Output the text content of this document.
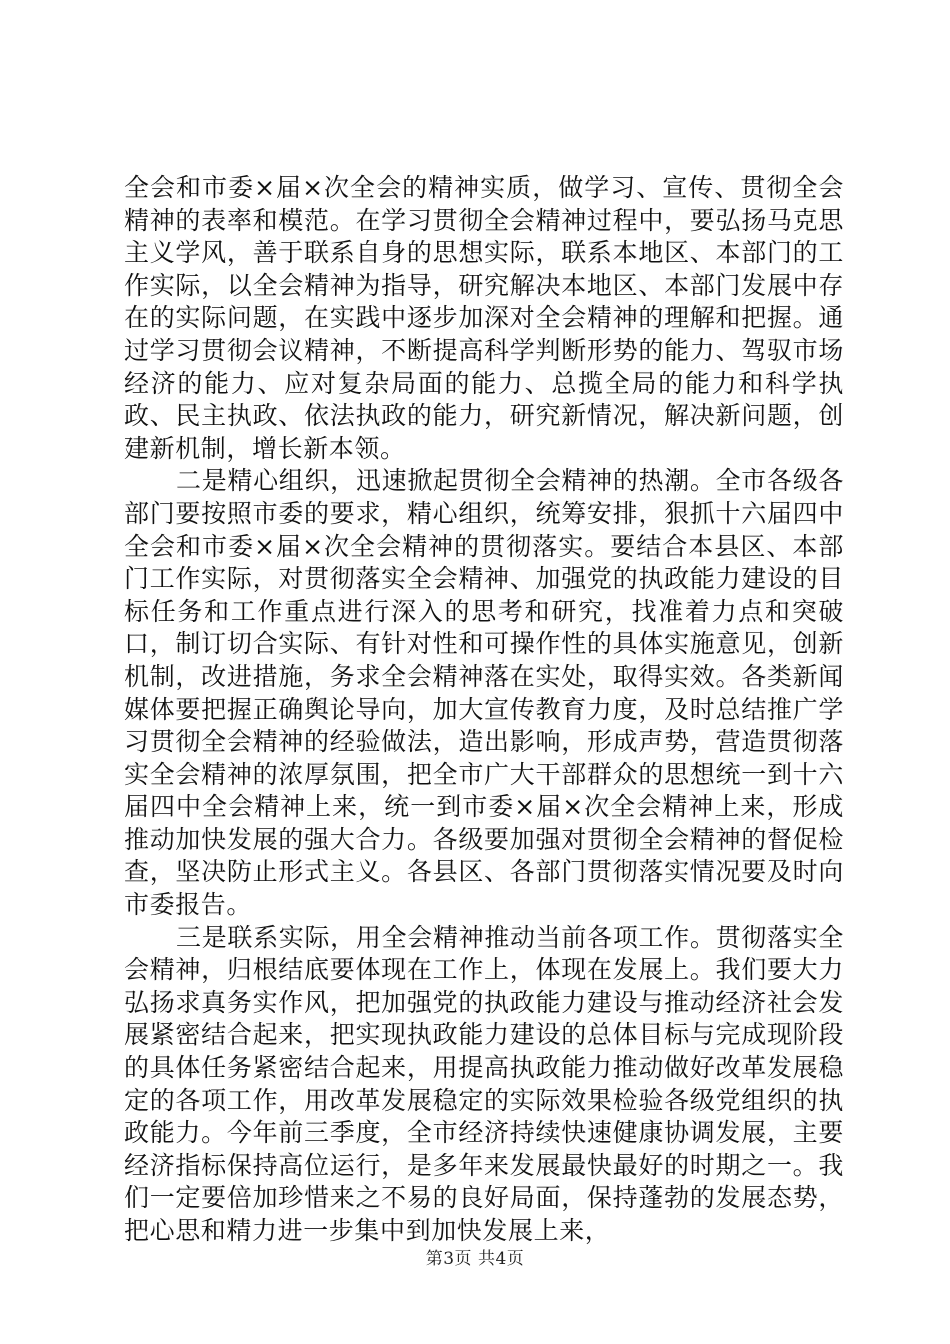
全会和市委×届×次全会的精神实质，做学习、宣传、贯彻全会精神的表率和模范。在学习贯彻全会精神过程中，要弘扬马克思主义学风，善于联系自身的思想实际，联系本地区、本部门的工作实际，以全会精神为指导，研究解决本地区、本部门发展中存在的实际问题，在实践中逐步加深对全会精神的理解和把握。通过学习贯彻会议精神，不断提高科学判断形势的能力、驾驭市场经济的能力、应对复杂局面的能力、总揽全局的能力和科学执政、民主执政、依法执政的能力，研究新情况，解决新问题，创建新机制，增长新本领。

二是精心组织，迅速掀起贯彻全会精神的热潮。全市各级各部门要按照市委的要求，精心组织，统筹安排，狠抓十六届四中全会和市委×届×次全会精神的贯彻落实。要结合本县区、本部门工作实际，对贯彻落实全会精神、加强党的执政能力建设的目标任务和工作重点进行深入的思考和研究，找准着力点和突破口，制订切合实际、有针对性和可操作性的具体实施意见，创新机制，改进措施，务求全会精神落在实处，取得实效。各类新闻媒体要把握正确舆论导向，加大宣传教育力度，及时总结推广学习贯彻全会精神的经验做法，造出影响，形成声势，营造贯彻落实全会精神的浓厚氛围，把全市广大干部群众的思想统一到十六届四中全会精神上来，统一到市委×届×次全会精神上来，形成推动加快发展的强大合力。各级要加强对贯彻全会精神的督促检查，坚决防止形式主义。各县区、各部门贯彻落实情况要及时向市委报告。

三是联系实际，用全会精神推动当前各项工作。贯彻落实全会精神，归根结底要体现在工作上，体现在发展上。我们要大力弘扬求真务实作风，把加强党的执政能力建设与推动经济社会发展紧密结合起来，把实现执政能力建设的总体目标与完成现阶段的具体任务紧密结合起来，用提高执政能力推动做好改革发展稳定的各项工作，用改革发展稳定的实际效果检验各级党组织的执政能力。今年前三季度，全市经济持续快速健康协调发展，主要经济指标保持高位运行，是多年来发展最快最好的时期之一。我们一定要倍加珍惜来之不易的良好局面，保持蓬勃的发展态势，把心思和精力进一步集中到加快发展上来，

第3页 共4页
